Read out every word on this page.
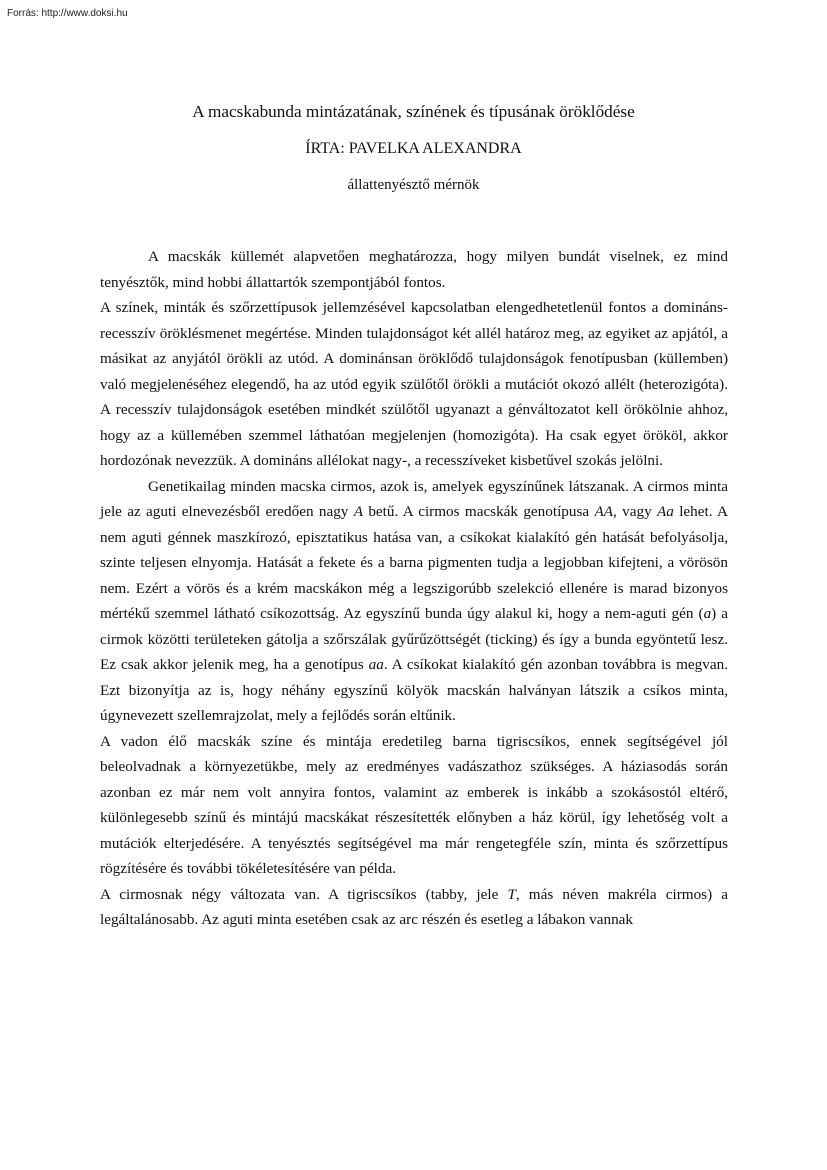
Forrás: http://www.doksi.hu
A macskabunda mintázatának, színének és típusának öröklődése
ÍRTA: PAVELKA ALEXANDRA
állattenyésztő mérnök

A macskák küllemét alapvetően meghatározza, hogy milyen bundát viselnek, ez mind tenyésztők, mind hobbi állattartók szempontjából fontos.

A színek, minták és szőrzettípusok jellemzésével kapcsolatban elengedhetetlenül fontos a domináns-recesszív öröklésmenet megértése. Minden tulajdonságot két allél határoz meg, az egyiket az apjától, a másikat az anyjától örökli az utód. A dominánsan öröklődő tulajdonságok fenotípusban (küllemben) való megjelenéséhez elegendő, ha az utód egyik szülőtől örökli a mutációt okozó allélt (heterozigóta). A recesszív tulajdonságok esetében mindkét szülőtől ugyanazt a génváltozatot kell örökölnie ahhoz, hogy az a küllemében szemmel láthatóan megjelenjen (homozigóta). Ha csak egyet örököl, akkor hordozónak nevezzük. A domináns allélokat nagy-, a recesszíveket kisbetűvel szokás jelölni.

Genetikailag minden macska cirmos, azok is, amelyek egyszínűnek látszanak. A cirmos minta jele az aguti elnevezésből eredően nagy A betű. A cirmos macskák genotípusa AA, vagy Aa lehet. A nem aguti génnek maszkírozó, episztatikus hatása van, a csíkokat kialakító gén hatását befolyásolja, szinte teljesen elnyomja. Hatását a fekete és a barna pigmenten tudja a legjobban kifejteni, a vörösön nem. Ezért a vörös és a krém macskákon még a legszigorúbb szelekció ellenére is marad bizonyos mértékű szemmel látható csíkozottság. Az egyszínű bunda úgy alakul ki, hogy a nem-aguti gén (a) a cirmok közötti területeken gátolja a szőrszálak gyűrűzöttségét (ticking) és így a bunda egyöntetű lesz. Ez csak akkor jelenik meg, ha a genotípus aa. A csíkokat kialakító gén azonban továbbra is megvan. Ezt bizonyítja az is, hogy néhány egyszínű kölyök macskán halványan látszik a csíkos minta, úgynevezett szellemrajzolat, mely a fejlődés során eltűnik.

A vadon élő macskák színe és mintája eredetileg barna tigriscsíkos, ennek segítségével jól beleolvadnak a környezetükbe, mely az eredményes vadászathoz szükséges. A háziasodás során azonban ez már nem volt annyira fontos, valamint az emberek is inkább a szokásostól eltérő, különlegesebb színű és mintájú macskákat részesítették előnyben a ház körül, így lehetőség volt a mutációk elterjedésére. A tenyésztés segítségével ma már rengetegféle szín, minta és szőrzettípus rögzítésére és további tökéletesítésére van példa.

A cirmosnak négy változata van. A tigriscsíkos (tabby, jele T, más néven makréla cirmos) a legáltalánosabb. Az aguti minta esetében csak az arc részén és esetleg a lábakon vannak
